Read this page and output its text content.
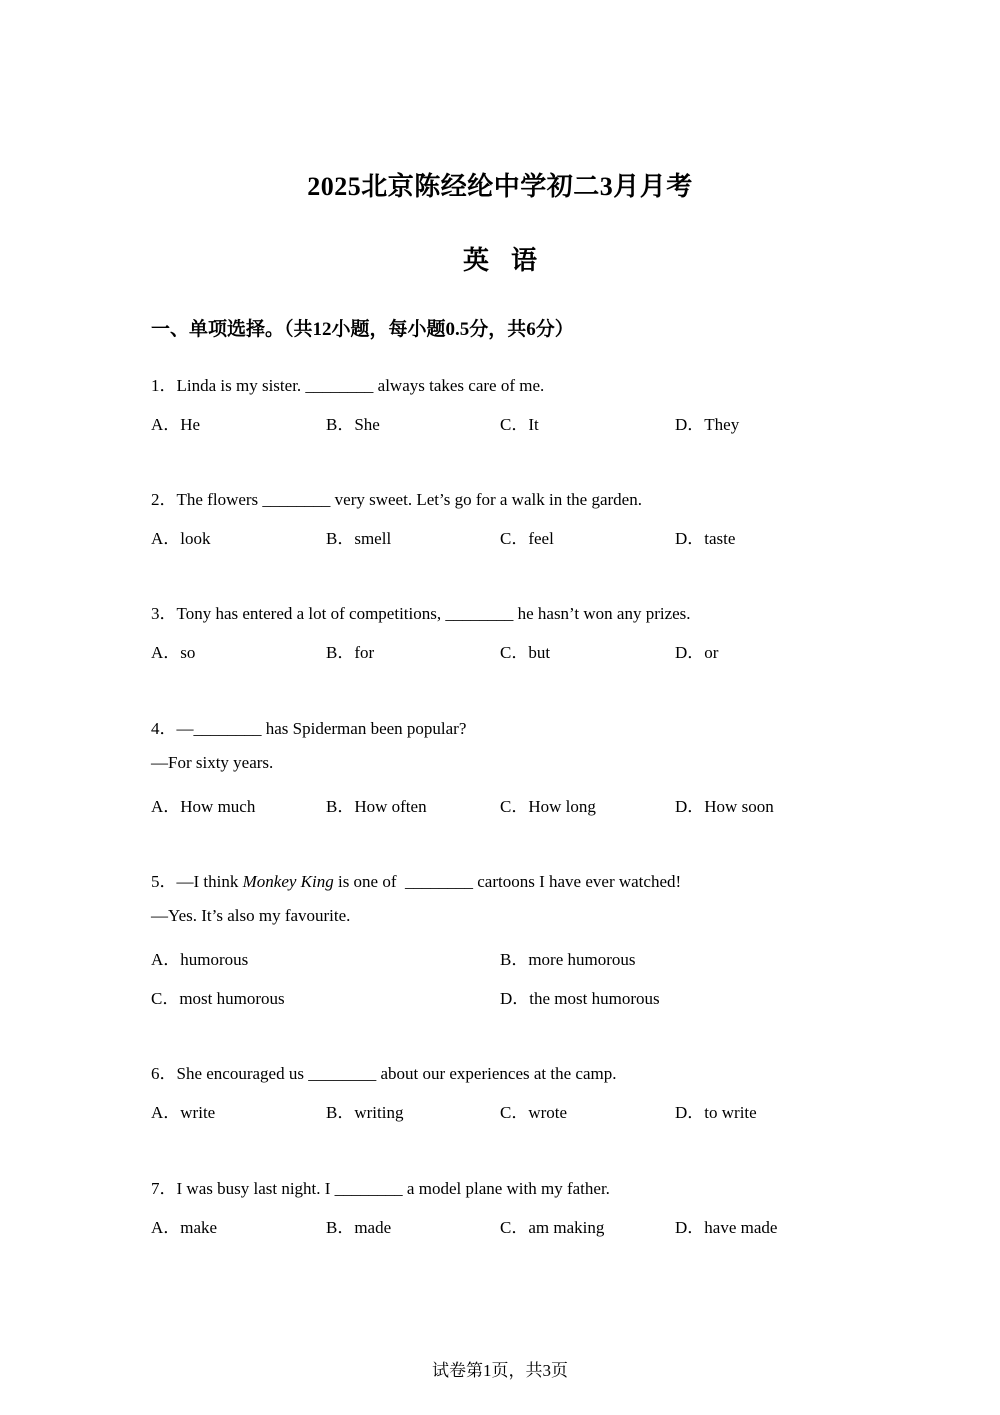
2025北京陈经纶中学初二3月月考
英语
一、单项选择。（共12小题，每小题0.5分，共6分）
1．Linda is my sister. ________ always takes care of me.
A．He	B．She	C．It	D．They
2．The flowers ________ very sweet. Let’s go for a walk in the garden.
A．look	B．smell	C．feel	D．taste
3．Tony has entered a lot of competitions, ________ he hasn’t won any prizes.
A．so	B．for	C．but	D．or
4．—________ has Spiderman been popular?
—For sixty years.
A．How much	B．How often	C．How long	D．How soon
5．—I think Monkey King is one of  ________ cartoons I have ever watched!
—Yes. It’s also my favourite.
A．humorous	B．more humorous
C．most humorous	D．the most humorous
6．She encouraged us ________ about our experiences at the camp.
A．write	B．writing	C．wrote	D．to write
7．I was busy last night. I ________ a model plane with my father.
A．make	B．made	C．am making	D．have made
试卷第1页，共3页
